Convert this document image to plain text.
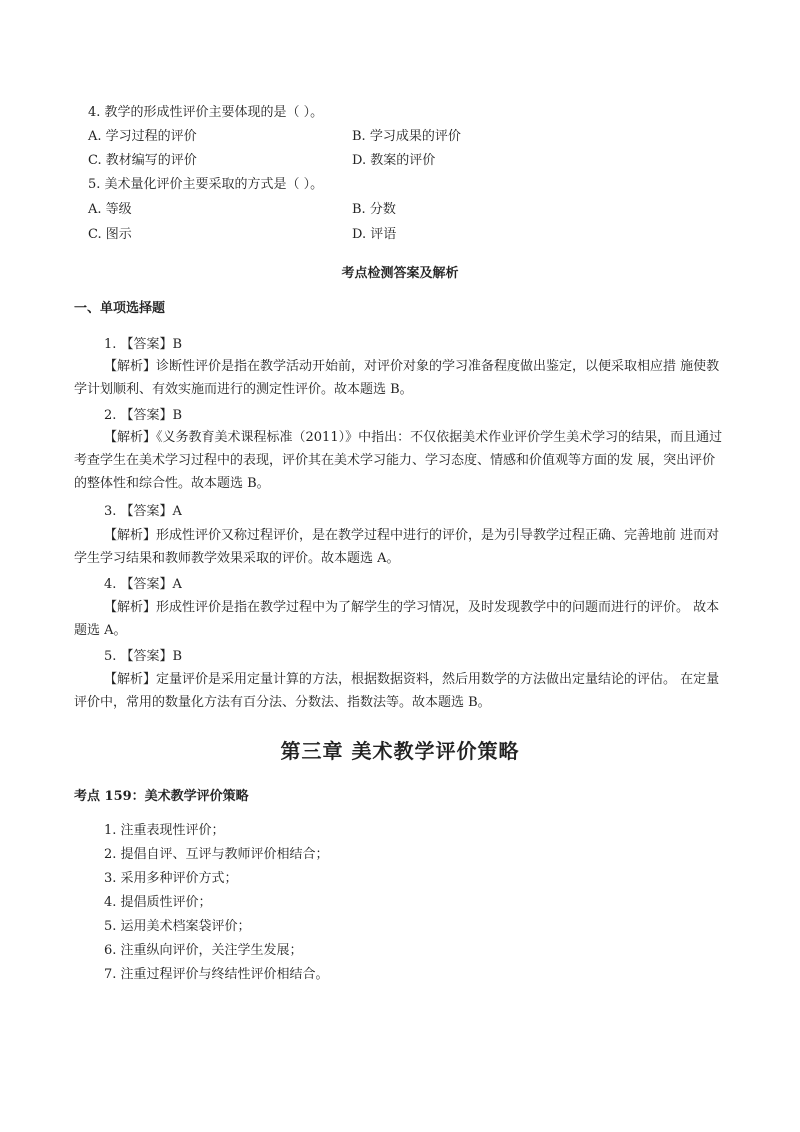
4. 教学的形成性评价主要体现的是（ ）。
A. 学习过程的评价	B. 学习成果的评价
C. 教材编写的评价	D. 教案的评价
5. 美术量化评价主要采取的方式是（ ）。
A. 等级	B. 分数
C. 图示	D. 评语
考点检测答案及解析
一、单项选择题
1. 【答案】B
【解析】诊断性评价是指在教学活动开始前，对评价对象的学习准备程度做出鉴定，以便采取相应措 施使教学计划顺利、有效实施而进行的测定性评价。故本题选 B。
2. 【答案】B
【解析】《义务教育美术课程标准（2011）》中指出：不仅依据美术作业评价学生美术学习的结果，而且通过考查学生在美术学习过程中的表现，评价其在美术学习能力、学习态度、情感和价值观等方面的发 展，突出评价的整体性和综合性。故本题选 B。
3. 【答案】A
【解析】形成性评价又称过程评价，是在教学过程中进行的评价，是为引导教学过程正确、完善地前 进而对学生学习结果和教师教学效果采取的评价。故本题选 A。
4. 【答案】A
【解析】形成性评价是指在教学过程中为了解学生的学习情况，及时发现教学中的问题而进行的评价。 故本题选 A。
5. 【答案】B
【解析】定量评价是采用定量计算的方法，根据数据资料，然后用数学的方法做出定量结论的评估。 在定量评价中，常用的数量化方法有百分法、分数法、指数法等。故本题选 B。
第三章 美术教学评价策略
考点 159：美术教学评价策略
1. 注重表现性评价；
2. 提倡自评、互评与教师评价相结合；
3. 采用多种评价方式；
4. 提倡质性评价；
5. 运用美术档案袋评价；
6. 注重纵向评价，关注学生发展；
7. 注重过程评价与终结性评价相结合。
